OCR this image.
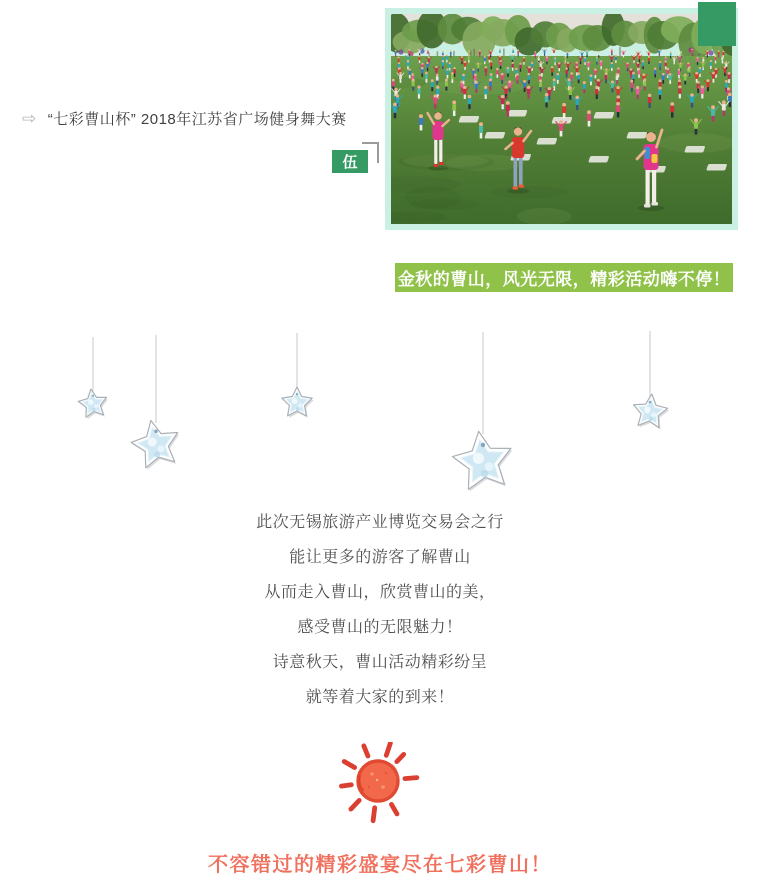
⇨ “七彩曹山杯” 2018年江苏省广场健身舞大赛
伍
金秋的曹山，风光无限，精彩活动嗨不停！

此次无锡旅游产业博览交易会之行

能让更多的游客了解曹山

从而走入曹山，欣赏曹山的美，

感受曹山的无限魅力！

诗意秋天，曹山活动精彩纷呈

就等着大家的到来！

不容错过的精彩盛宴尽在七彩曹山！
